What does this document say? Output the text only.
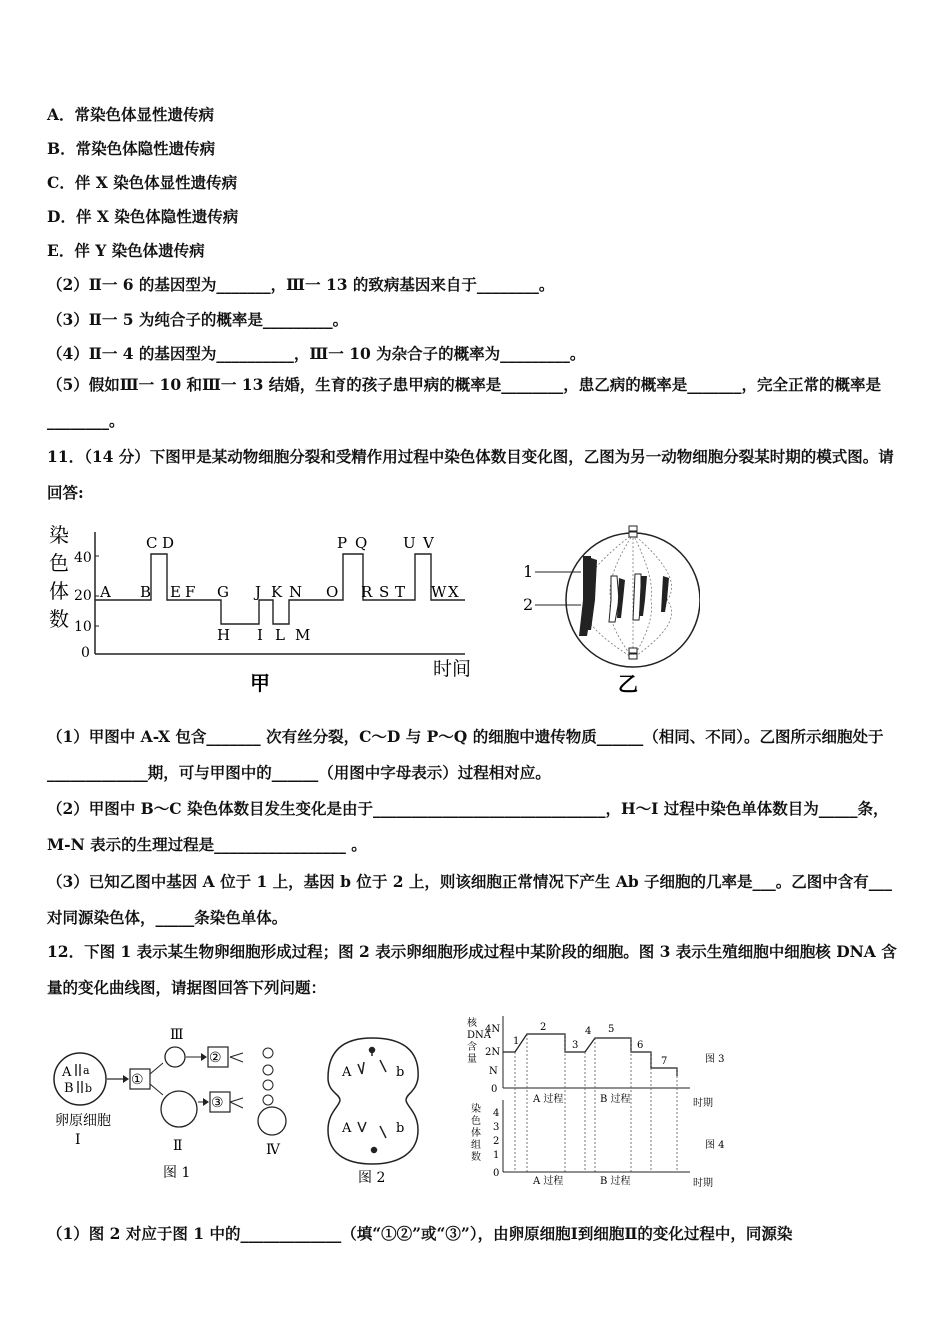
A．常染色体显性遗传病
B．常染色体隐性遗传病
C．伴 X 染色体显性遗传病
D．伴 X 染色体隐性遗传病
E．伴 Y 染色体遗传病
（2）Ⅱ一 6 的基因型为_______，Ⅲ一 13 的致病基因来自于________。
（3）Ⅱ一 5 为纯合子的概率是_________。
（4）Ⅱ一 4 的基因型为__________，Ⅲ一 10 为杂合子的概率为_________。
（5）假如Ⅲ一 10 和Ⅲ一 13 结婚，生育的孩子患甲病的概率是________，患乙病的概率是_______，完全正常的概率是________。
11．（14 分）下图甲是某动物细胞分裂和受精作用过程中染色体数目变化图，乙图为另一动物细胞分裂某时期的模式图。请回答:
染
色
体
数
40
20
10
0
A B
C D
E F G
H I
J K
L M
N O
P Q
R S T
U V
W X
时间
甲
1
2
乙
（1）甲图中 A-X 包含_______ 次有丝分裂，C～D 与 P～Q 的细胞中遗传物质______（相同、不同）。乙图所示细胞处于_____________期，可与甲图中的______（用图中字母表示）过程相对应。
（2）甲图中 B～C 染色体数目发生变化是由于______________________________，H～I 过程中染色单体数目为_____条，M-N 表示的生理过程是_________________ 。
（3）已知乙图中基因 A 位于 1 上，基因 b 位于 2 上，则该细胞正常情况下产生 Ab 子细胞的几率是___。乙图中含有___对同源染色体，_____条染色单体。
12．下图 1 表示某生物卵细胞形成过程；图 2 表示卵细胞形成过程中某阶段的细胞。图 3 表示生殖细胞中细胞核 DNA 含量的变化曲线图，请据图回答下列问题：
A a
B b
①
Ⅲ
Ⅱ
②
③
Ⅳ
卵原细胞
Ⅰ
图 1
A	b
A	b
图 2
核
DNA
含
量
4N
2N
N
0
1
2
3
4 5
6
7
A 过程	B 过程	时期
图 3
染
色
体
组
数
4
3
2
1
0
A 过程	B 过程	时期
图 4
（1）图 2 对应于图 1 中的_____________（填“①②”或“③”），由卵原细胞Ⅰ到细胞Ⅱ的变化过程中，同源染
